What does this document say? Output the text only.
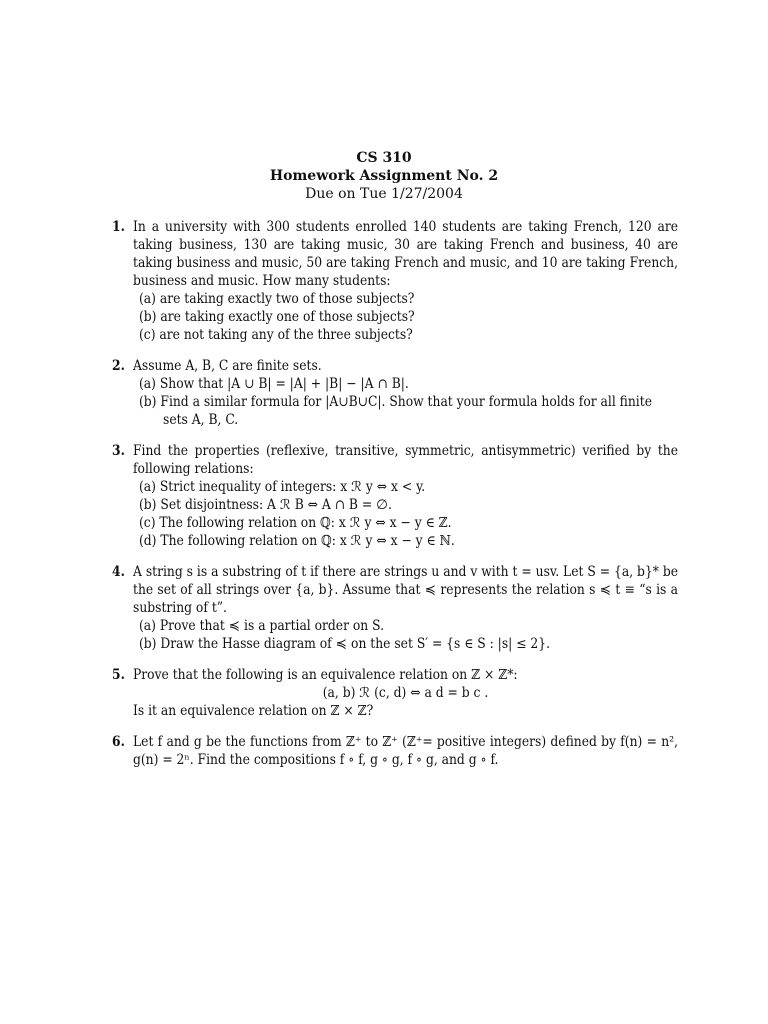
CS 310
Homework Assignment No. 2
Due on Tue 1/27/2004
1. In a university with 300 students enrolled 140 students are taking French, 120 are taking business, 130 are taking music, 30 are taking French and business, 40 are taking business and music, 50 are taking French and music, and 10 are taking French, business and music. How many students:
(a) are taking exactly two of those subjects?
(b) are taking exactly one of those subjects?
(c) are not taking any of the three subjects?
2. Assume A, B, C are finite sets.
(a) Show that |A ∪ B| = |A| + |B| − |A ∩ B|.
(b) Find a similar formula for |A∪B∪C|. Show that your formula holds for all finite sets A, B, C.
3. Find the properties (reflexive, transitive, symmetric, antisymmetric) verified by the following relations:
(a) Strict inequality of integers: x ℛ y ⇔ x < y.
(b) Set disjointness: A ℛ B ⇔ A ∩ B = ∅.
(c) The following relation on ℚ: x ℛ y ⇔ x − y ∈ ℤ.
(d) The following relation on ℚ: x ℛ y ⇔ x − y ∈ ℕ.
4. A string s is a substring of t if there are strings u and v with t = usv. Let S = {a, b}* be the set of all strings over {a, b}. Assume that ≼ represents the relation s ≼ t ≡ “s is a substring of t”.
(a) Prove that ≼ is a partial order on S.
(b) Draw the Hasse diagram of ≼ on the set S′ = {s ∈ S : |s| ≤ 2}.
5. Prove that the following is an equivalence relation on ℤ × ℤ*:
(a, b) ℛ (c, d) ⇔ a d = b c .
Is it an equivalence relation on ℤ × ℤ?
6. Let f and g be the functions from ℤ⁺ to ℤ⁺ (ℤ⁺= positive integers) defined by f(n) = n², g(n) = 2ⁿ. Find the compositions f ∘ f, g ∘ g, f ∘ g, and g ∘ f.
